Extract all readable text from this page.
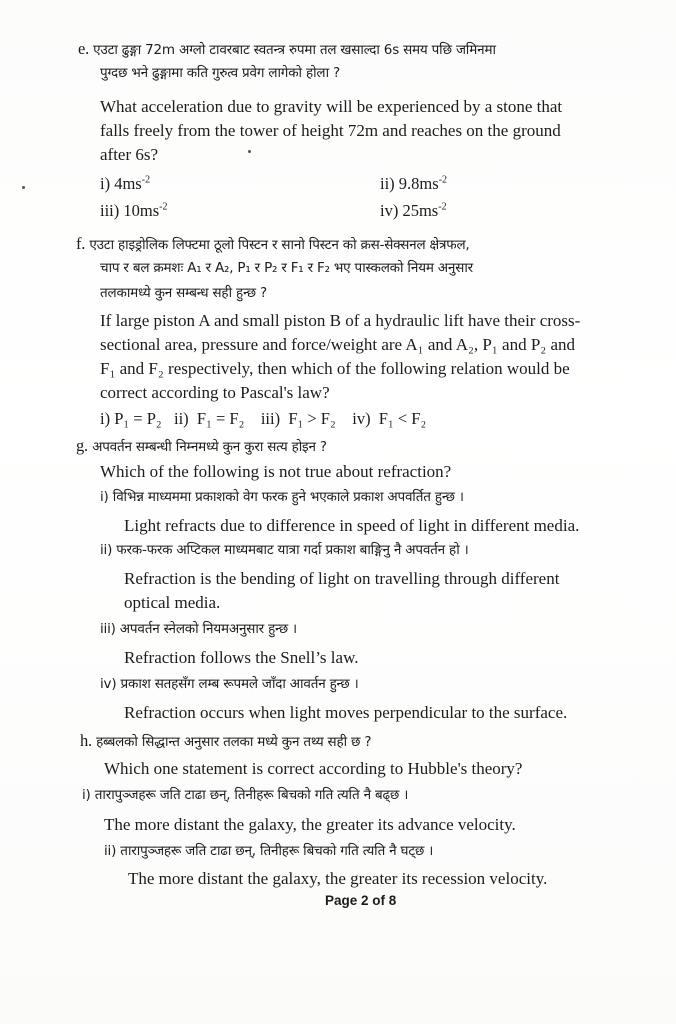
e. एउटा ढुङ्गा 72m अग्लो टावरबाट स्वतन्त्र रुपमा तल खसाल्दा 6s समय पछि जमिनमा
पुग्दछ भने ढुङ्गामा कति गुरुत्व प्रवेग लागेको होला ?
What acceleration due to gravity will be experienced by a stone that
falls freely from the tower of height 72m and reaches on the ground
after 6s?
i) $4ms^{-2}$	ii) $9.8ms^{-2}$
iii) $10ms^{-2}$	iv) $25ms^{-2}$
f. एउटा हाइड्रोलिक लिफ्टमा ठूलो पिस्टन र सानो पिस्टन को क्रस-सेक्सनल क्षेत्रफल,
चाप र बल क्रमशः A₁ र A₂, P₁ र P₂ र F₁ र F₂ भए पास्कलको नियम अनुसार
तलकामध्ये कुन सम्बन्ध सही हुन्छ ?
If large piston A and small piston B of a hydraulic lift have their cross-
sectional area, pressure and force/weight are A₁ and A₂, P₁ and P₂ and
F₁ and F₂ respectively, then which of the following relation would be
correct according to Pascal's law?
i) P₁ = P₂   ii)  F₁ = F₂    iii)  F₁ > F₂    iv)  F₁ < F₂
g. अपवर्तन सम्बन्धी निम्नमध्ये कुन कुरा सत्य होइन ?
Which of the following is not true about refraction?
i) विभिन्न माध्यममा प्रकाशको वेग फरक हुने भएकाले प्रकाश अपवर्तित हुन्छ ।
Light refracts due to difference in speed of light in different media.
ii) फरक-फरक अप्टिकल माध्यमबाट यात्रा गर्दा प्रकाश बाङ्गिनु नै अपवर्तन हो ।
Refraction is the bending of light on travelling through different
optical media.
iii) अपवर्तन स्नेलको नियमअनुसार हुन्छ ।
Refraction follows the Snell’s law.
iv) प्रकाश सतहसँग लम्ब रूपमले जाँदा आवर्तन हुन्छ ।
Refraction occurs when light moves perpendicular to the surface.
h. हब्बलको सिद्धान्त अनुसार तलका मध्ये कुन तथ्य सही छ ?
Which one statement is correct according to Hubble's theory?
i) तारापुञ्जहरू जति टाढा छन्, तिनीहरू बिचको गति त्यति नै बढ्छ ।
The more distant the galaxy, the greater its advance velocity.
ii) तारापुञ्जहरू जति टाढा छन्, तिनीहरू बिचको गति त्यति नै घट्छ ।
The more distant the galaxy, the greater its recession velocity.
Page 2 of 8
